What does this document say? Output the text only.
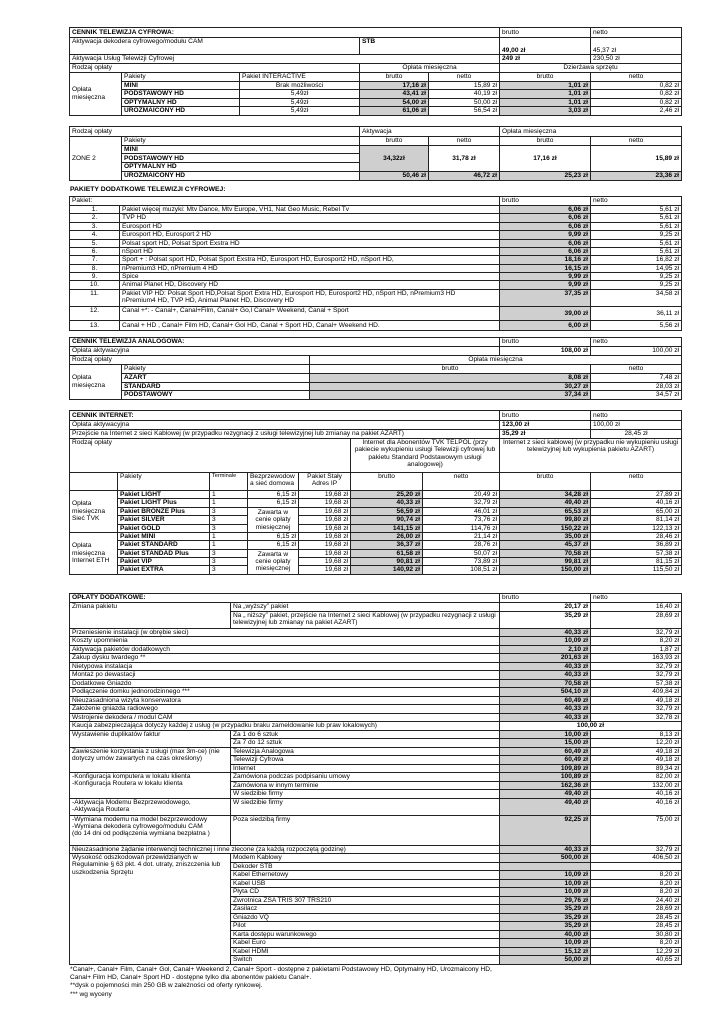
CENNIK TELEWIZJA CYFROWA:					brutto	netto
Aktywacja dekodera cyfrowego/modułu CAM			STB		49,00 zł	45,37 zł
Aktywacja Usług Telewizji Cyfrowej					249 zł	230,50 zł
Rodzaj opłaty			Opłata miesięczna		Dzierżawa sprzętu	
Opłata miesięczna	Pakiety	Pakiet INTERACTIVE	brutto	netto	brutto	netto
	MINI	Brak możliwości	17,16 zł	15,89 zł	1,01 zł	0,82 zł
	PODSTAWOWY HD	5,49zł	43,41 zł	40,19 zł	1,01 zł	0,82 zł
	OPTYMALNY HD	5,49zł	54,00 zł	50,00 zł	1,01 zł	0,82 zł
	UROZMAICONY HD	5,49zł	61,06 zł	56,54 zł	3,03 zł	2,46 zł
Rodzaj opłaty		Aktywacja		Opłata miesięczna	
ZONE 2	Pakiety	brutto	netto	brutto	netto
	MINI	34,32zł	31,78 zł	17,16 zł	15,89 zł
	PODSTAWOWY HD				
	OPTYMALNY HD				
	UROZMAICONY HD	50,46 zł	46,72 zł	25,23 zł	23,36 zł
PAKIETY DODATKOWE TELEWIZJI CYFROWEJ:
Pakiet:		brutto	netto
1.	Pakiet więcej muzyki: Mtv Dance, Mtv Europe, VH1, Nat Geo Music, Rebel Tv	6,06 zł	5,61 zł
2.	TVP HD	6,06 zł	5,61 zł
3.	Eurosport HD	6,06 zł	5,61 zł
4.	Eurosport HD, Eurosport 2 HD	9,99 zł	9,25 zł
5.	Polsat sport HD, Polsat Sport Exstra HD	6,06 zł	5,61 zł
6.	nSport HD	6,06 zł	5,61 zł
7.	Sport + : Polsat sport HD, Polsat Sport Exstra HD, Eurosport HD, Eurosport2 HD, nSport HD,	18,16 zł	16,82 zł
8.	nPremium3 HD, nPremium 4 HD	16,15 zł	14,95 zł
9.	Spice	9,99 zł	9,25 zł
10.	Animal Planet HD, Discovery HD	9,99 zł	9,25 zł
11.	Pakiet VIP HD: Polsat Sport HD,Polsat Sport Extra HD, Eurosport HD, Eurosport2 HD, nSport HD, nPremium3 HD
nPremium4 HD, TVP HD, Animal Planet HD, Discovery HD	37,35 zł	34,58 zł
12.	Canal +*: - Canal+, Canal+Film, Canal+ Go,l Canal+ Weekend, Canal + Sport	39,00 zł	36,11 zł
13.	Canal + HD , Canal+ Film HD, Canal+ Gol HD, Canal + Sport HD, Canal+ Weekend HD.	6,00 zł	5,56 zł
CENNIK TELEWIZJA ANALOGOWA:			brutto	netto
Opłata aktywacyjna			108,00 zł	100,00 zł
Rodzaj opłaty		Opłata miesięczna		
Opłata miesięczna	Pakiety	brutto		netto
	AZART	8,08 zł		7,48 zł
	STANDARD	30,27 zł		28,03 zł
	PODSTAWOWY	37,34 zł		34,57 zł
CENNIK INTERNET:							brutto	netto
Opłata aktywacyjna							123,00 zł	100,00 zł
Przejście na Internet z sieci Kablowej (w przypadku rezygnacji z usługi telewizyjnej lub zmianay na pakiet AZART)							35,29 zł	28,45 zł
Rodzaj opłaty					Internet dla Abonentów TVK TELPOL (przy pakiecie wykupieniu usługi Telewizji cyfrowej lub pakietu Standard Podstawowym usługi analogowej)		Internet z sieci kablowej (w przypadku nie wykupieniu usługi telewizyjnej lub wykupienia pakietu AZART)	
	Pakiety	Terminale	Bezprzewodow a sieć domowa	Pakiet Stały Adres IP	brutto	netto	brutto	netto
Opłata miesięczna Sieć TVK	Pakiet LIGHT	1	6,15 zł	19,68 zł	25,20 zł	20,49 zł	34,28 zł	27,89 zł
	Pakiet LIGHT Plus	1	6,15 zł	19,68 zł	40,33 zł	32,79 zł	49,40 zł	40,16 zł
	Pakiet BRONZE Plus	3	Zawarta w cenie opłaty miesięcznej	19,68 zł	56,59 zł	46,01 zł	65,53 zł	65,00 zł
	Pakiet SILVER	3		19,68 zł	90,74 zł	73,76 zł	99,80 zł	81,14 zł
	Pakiet GOLD	3		19,68 zł	141,15 zł	114,76 zł	150,22 zł	122,13 zł
Opłata miesięczna Internet ETH	Pakiet MINI	1	6,15 zł	19,68 zł	26,00 zł	21,14 zł	35,00 zł	28,46 zł
	Pakiet STANDARD	1	6,15 zł	19,68 zł	36,37 zł	28,76 zł	45,37 zł	36,89 zł
	Pakiet STANDAD Plus	3	Zawarta w cenie opłaty miesięcznej	19,68 zł	61,58 zł	50,07 zł	70,58 zł	57,38 zł
	Pakiet VIP	3		19,68 zł	90,81 zł	73,89 zł	99,81 zł	81,15 zł
	Pakiet EXTRA	3		19,68 zł	140,92 zł	108,51 zł	150,00 zł	115,50 zł
OPŁATY DODATKOWE:		brutto	netto
Zmiana pakietu	Na „wyższy” pakiet	20,17 zł	16,40 zł
	Na „ niższy” pakiet, przejście na Internet z sieci Kablowej (w przypadku rezygnacji z usługi telewizyjnej lub zmianay na pakiet AZART)	35,29 zł	28,69 zł
Przeniesienie instalacji (w obrębie sieci)		40,33 zł	32,79 zł
Koszty upomnienia		10,09 zł	8,20 zł
Aktywacja pakietów dodatkowych		2,10 zł	1,87 zł
Zakup dysku twardego **		201,63 zł	163,93 zł
Nietypowa instalacja		40,33 zł	32,79 zł
Montaż po dewastacji		40,33 zł	32,79 zł
Dodatkowe Gniazdo		70,58 zł	57,38 zł
Podłączenie domku jednorodzinnego ***		504,10 zł	409,84 zł
Nieuzasadniona wizyta konserwatora		60,49 zł	49,18 zł
Założenie gniazda radiowego		40,33 zł	32,79 zł
Wstrojenie dekodera / modul CAM		40,33 zł	32,78 zł
Kaucja zabezpieczająca dotyczy każdej z usług (w przypadku braku zameldowanie lub praw lokalowych)		100,00 zł	
Wystawienie duplikatów faktur	Za 1 do 6 sztuk	10,00 zł	8,13 zł
	Za 7 do 12 sztuk	15,00 zł	12,20 zł
Zawieszenie korzystania z usługi (max 3m-ce) (nie dotyczy umów zawartych na czas określony)	Telewizja Analogowa	60,49 zł	49,18 zł
	Telewizji Cyfrowa	60,49 zł	49,18 zł
	Internet	109,89 zł	89,34 zł
-Konfiguracja komputera w lokalu klienta
-Konfiguracja Routera w lokalu klienta	Zamówiona podczas podpisaniu umowy	100,89 zł	82,00 zł
	Zamówiona w innym terminie	162,36 zł	132,00 zł
	W siedzibie firmy	49,40 zł	40,16 zł
-Aktywacja Modemu Bezprzewodowego,
-Aktywacja Routera	W siedzibie firmy	49,40 zł	40,16 zł
-Wymiana modemu na model bezprzewodowy
-Wymiana dekodera cyfrowego/modułu CAM
(do 14 dni od podłączenia wymiana bezpłatna )	Poza siedzibą firmy	92,25 zł	75,00 zł
Nieuzasadnione żądanie interwencji technicznej i inne zlecone (za każdą rozpoczętą godzinę)		40,33 zł	32,79 zł
Wysokość odszkodowań przewidzianych w Regulaminie § 63 pkt. 4 dot. utraty, zniszczenia lub uszkodzenia Sprzętu	Modem Kablowy	500,00 zł	406,50 zł
	Dekoder STB		
	Kabel Ethernetowy	10,09 zł	8,20 zł
	Kabel USB	10,09 zł	8,20 zł
	Płyta CD	10,09 zł	8,20 zł
	Zwrotnica ZSA TRIS 307 TRS210	29,76 zł	24,40 zł
	Zasilacz	35,29 zł	28,69 zł
	Gniazdo VQ	35,29 zł	28,45 zł
	Pilot	35,29 zł	28,45 zł
	Karta dostępu warunkowego	40,00 zł	30,80 zł
	Kabel Euro	10,09 zł	8,20 zł
	Kabel HDMI	15,12 zł	12,29 zł
	Switch	50,00 zł	40,65 zł
*Canal+, Canal+ Film, Canal+ Gol, Canal+ Weekend 2, Canal+ Sport - dostępne z pakietami Podstawowy HD, Optymalny HD, Urozmaicony HD,
Canal+ Film HD, Canal+ Sport HD - dostępne tylko dla abonentów pakietu Canal+.
**dysk o pojemności min 250 GB w zależności od oferty rynkowej.
*** wg wyceny
